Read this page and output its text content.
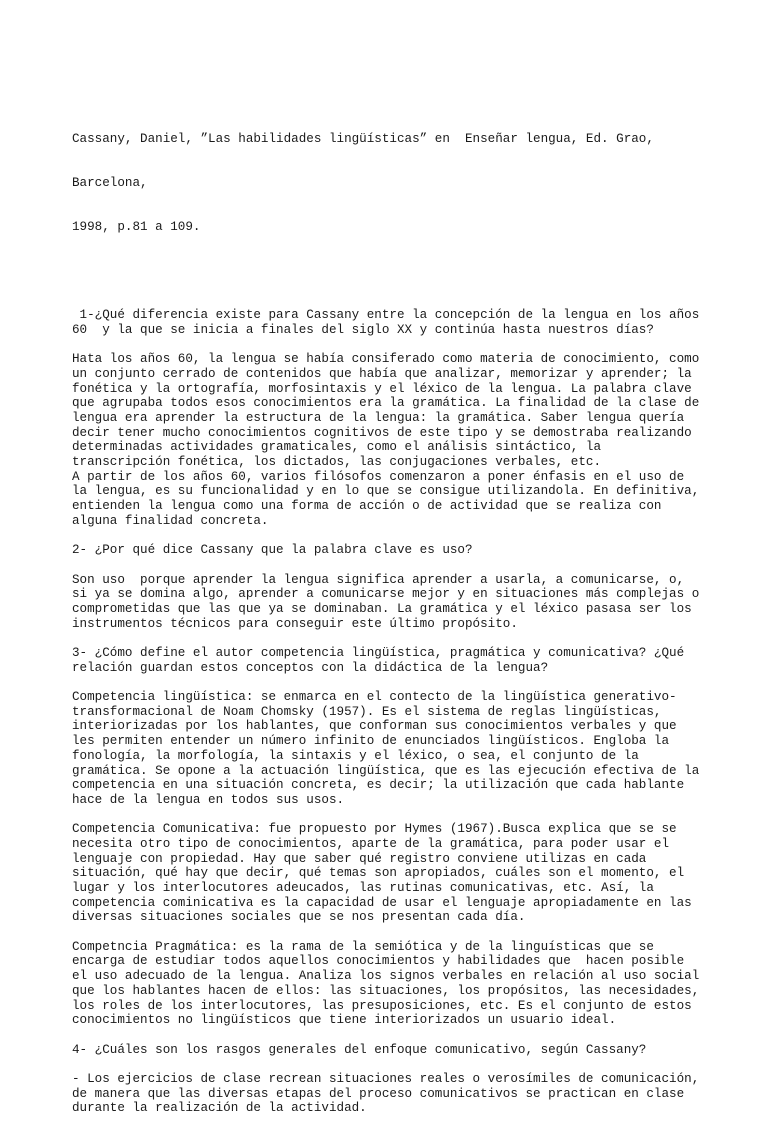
Cassany, Daniel, ”Las habilidades lingüísticas” en  Enseñar lengua, Ed. Grao,

Barcelona,

1998, p.81 a 109.

1-¿Qué diferencia existe para Cassany entre la concepción de la lengua en los años
60  y la que se inicia a finales del siglo XX y continúa hasta nuestros días?
Hata los años 60, la lengua se había consiferado como materia de conocimiento, como
un conjunto cerrado de contenidos que había que analizar, memorizar y aprender; la
fonética y la ortografía, morfosintaxis y el léxico de la lengua. La palabra clave
que agrupaba todos esos conocimientos era la gramática. La finalidad de la clase de
lengua era aprender la estructura de la lengua: la gramática. Saber lengua quería
decir tener mucho conocimientos cognitivos de este tipo y se demostraba realizando
determinadas actividades gramaticales, como el análisis sintáctico, la
transcripción fonética, los dictados, las conjugaciones verbales, etc.
A partir de los años 60, varios filósofos comenzaron a poner énfasis en el uso de
la lengua, es su funcionalidad y en lo que se consigue utilizandola. En definitiva,
entienden la lengua como una forma de acción o de actividad que se realiza con
alguna finalidad concreta.
2- ¿Por qué dice Cassany que la palabra clave es uso?
Son uso  porque aprender la lengua significa aprender a usarla, a comunicarse, o,
si ya se domina algo, aprender a comunicarse mejor y en situaciones más complejas o
comprometidas que las que ya se dominaban. La gramática y el léxico pasasa ser los
instrumentos técnicos para conseguir este último propósito.
3- ¿Cómo define el autor competencia lingüística, pragmática y comunicativa? ¿Qué
relación guardan estos conceptos con la didáctica de la lengua?
Competencia lingüística: se enmarca en el contecto de la lingüística generativo-
transformacional de Noam Chomsky (1957). Es el sistema de reglas lingüísticas,
interiorizadas por los hablantes, que conforman sus conocimientos verbales y que
les permiten entender un número infinito de enunciados lingüísticos. Engloba la
fonología, la morfología, la sintaxis y el léxico, o sea, el conjunto de la
gramática. Se opone a la actuación lingüística, que es las ejecución efectiva de la
competencia en una situación concreta, es decir; la utilización que cada hablante
hace de la lengua en todos sus usos.
Competencia Comunicativa: fue propuesto por Hymes (1967).Busca explica que se se
necesita otro tipo de conocimientos, aparte de la gramática, para poder usar el
lenguaje con propiedad. Hay que saber qué registro conviene utilizas en cada
situación, qué hay que decir, qué temas son apropiados, cuáles son el momento, el
lugar y los interlocutores adeucados, las rutinas comunicativas, etc. Así, la
competencia cominicativa es la capacidad de usar el lenguaje apropiadamente en las
diversas situaciones sociales que se nos presentan cada día.
Competncia Pragmática: es la rama de la semiótica y de la linguísticas que se
encarga de estudiar todos aquellos conocimientos y habilidades que  hacen posible
el uso adecuado de la lengua. Analiza los signos verbales en relación al uso social
que los hablantes hacen de ellos: las situaciones, los propósitos, las necesidades,
los roles de los interlocutores, las presuposiciones, etc. Es el conjunto de estos
conocimientos no lingüísticos que tiene interiorizados un usuario ideal.
4- ¿Cuáles son los rasgos generales del enfoque comunicativo, según Cassany?
- Los ejercicios de clase recrean situaciones reales o verosímiles de comunicación,
de manera que las diversas etapas del proceso comunicativos se practican en clase
durante la realización de la actividad.
